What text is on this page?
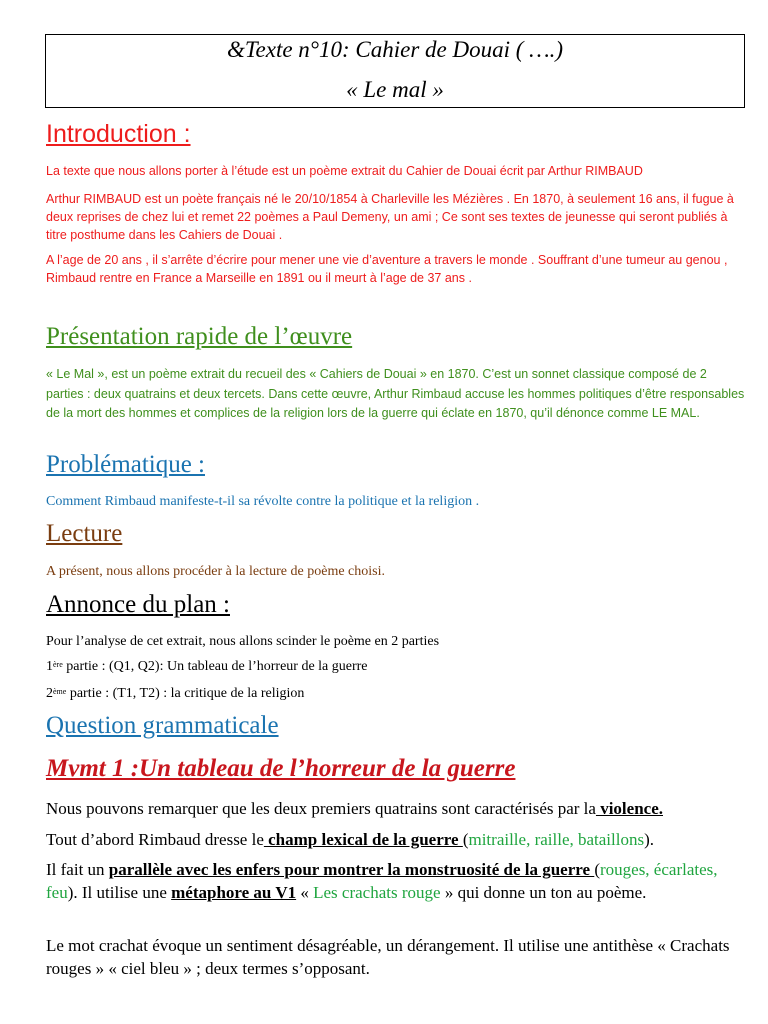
&Texte n°10: Cahier de Douai ( ….)
« Le mal »
Introduction :

La texte que nous allons porter à l’étude est un poème extrait du Cahier de Douai écrit par Arthur RIMBAUD

Arthur RIMBAUD est un poète français né le 20/10/1854 à Charleville les Mézières . En 1870, à seulement 16 ans, il fugue à deux reprises de chez lui et remet 22 poèmes a Paul Demeny, un ami ; Ce sont ses textes de jeunesse qui seront publiés à titre posthume dans les Cahiers de Douai .

A l’age de 20 ans , il s’arrête d’écrire pour mener une vie d’aventure a travers le monde . Souffrant d’une tumeur au genou , Rimbaud rentre en France a Marseille en 1891 ou il meurt à l’age de 37 ans .

Présentation rapide de l’œuvre

« Le Mal », est un poème extrait du recueil des « Cahiers de Douai » en 1870. C’est un sonnet classique composé de 2 parties : deux quatrains et deux tercets. Dans cette œuvre, Arthur Rimbaud accuse les hommes politiques d’être responsables de la mort des hommes et complices de la religion lors de la guerre qui éclate en 1870, qu’il dénonce comme LE MAL.

Problématique :

Comment Rimbaud manifeste-t-il sa révolte contre la politique et la religion .

Lecture

A présent, nous allons procéder à la lecture de poème choisi.

Annonce du plan :

Pour l’analyse de cet extrait, nous allons scinder le poème en 2 parties

1ère partie : (Q1, Q2): Un tableau de l’horreur de la guerre

2ème partie : (T1, T2) : la critique de la religion

Question grammaticale
Mvmt 1 :Un tableau de l’horreur de la guerre

Nous pouvons remarquer que les deux premiers quatrains sont caractérisés par la violence.

Tout d’abord Rimbaud dresse le champ lexical de la guerre (mitraille, raille, bataillons).

Il fait un parallèle avec les enfers pour montrer la monstruosité de la guerre (rouges, écarlates, feu). Il utilise une métaphore au V1 « Les crachats rouge » qui donne un ton au poème.

Le mot crachat évoque un sentiment désagréable, un dérangement. Il utilise une antithèse « Crachats rouges » « ciel bleu » ; deux termes s’opposant.
